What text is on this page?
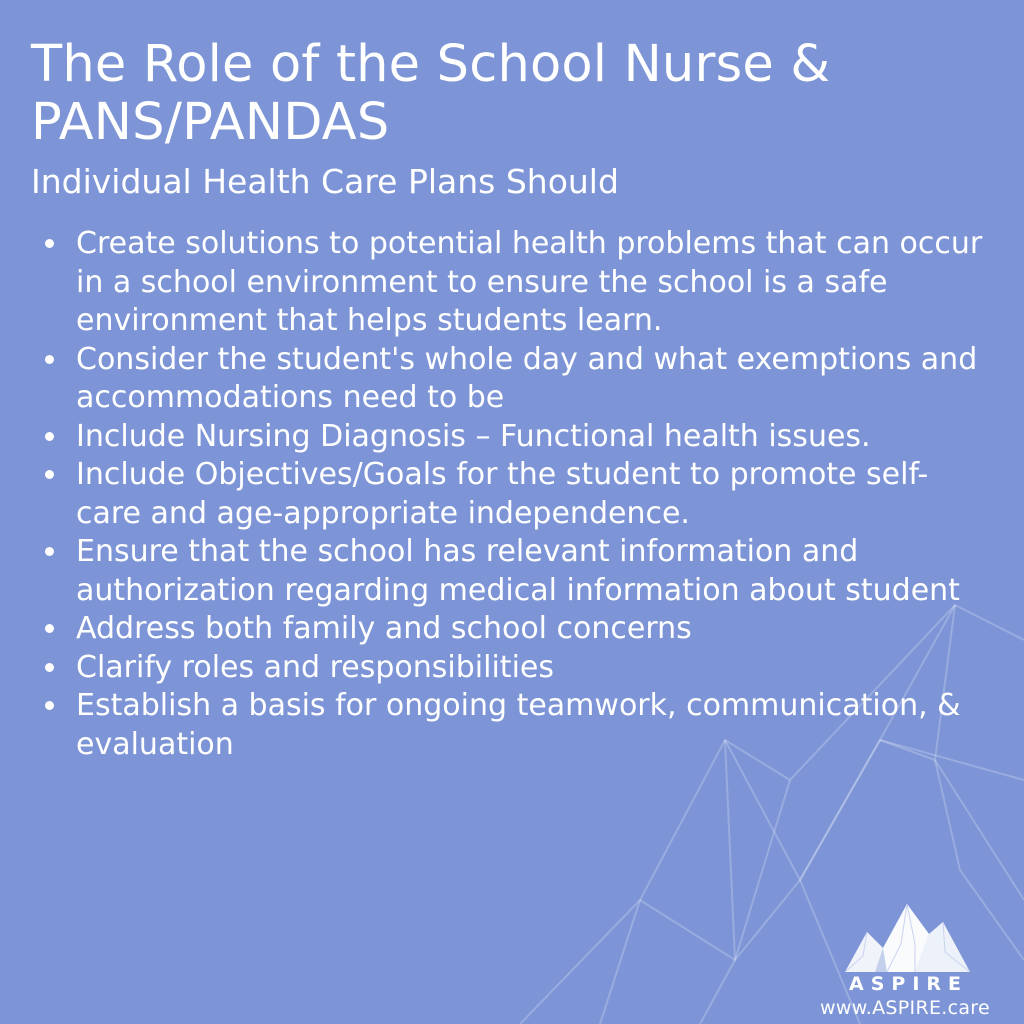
The Role of the School Nurse & PANS/PANDAS
Individual Health Care Plans Should
Create solutions to potential health problems that can occur in a school environment to ensure the school is a safe environment that helps students learn.
Consider the student's whole day and what exemptions and accommodations need to be
Include Nursing Diagnosis – Functional health issues.
Include Objectives/Goals for the student to promote self-care and age-appropriate independence.
Ensure that the school has relevant information and authorization regarding medical information about student
Address both family and school concerns
Clarify roles and responsibilities
Establish a basis for ongoing teamwork, communication, & evaluation
ASPIRE
www.ASPIRE.care
